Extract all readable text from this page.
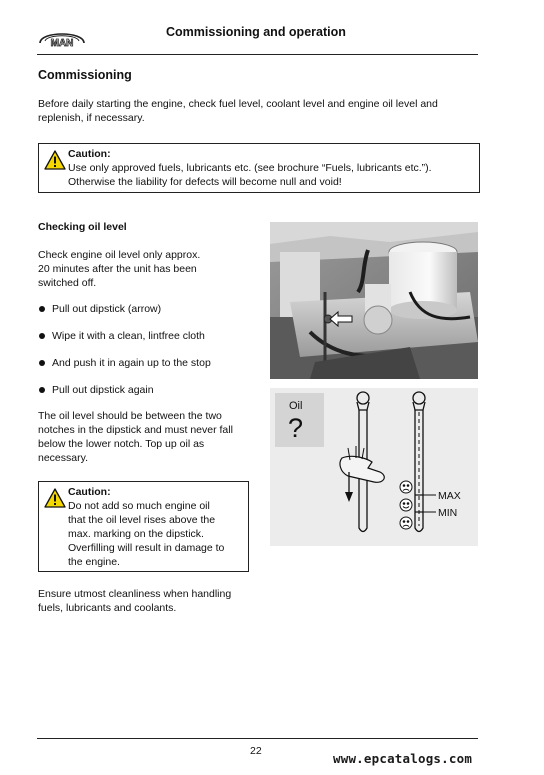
MAN
Commissioning and operation
Commissioning

Before daily starting the engine, check fuel level, coolant level and engine oil level and replenish, if necessary.

Caution:
Use only approved fuels, lubricants etc. (see brochure “Fuels, lubricants etc.”).
Otherwise the liability for defects will become null and void!
Checking oil level
Check engine oil level only approx.
20 minutes after the unit has been
switched off.
Pull out dipstick (arrow)
Wipe it with a clean, lintfree cloth
And push it in again up to the stop
Pull out dipstick again
The oil level should be between the two
notches in the dipstick and must never fall
below the lower notch. Top up oil as
necessary.
Caution:
Do not add so much engine oil
that the oil level rises above the
max. marking on the dipstick.
Overfilling will result in damage to
the engine.
Ensure utmost cleanliness when handling
fuels, lubricants and coolants.
Oil
?
MAX
MIN
22	www.epcatalogs.com
